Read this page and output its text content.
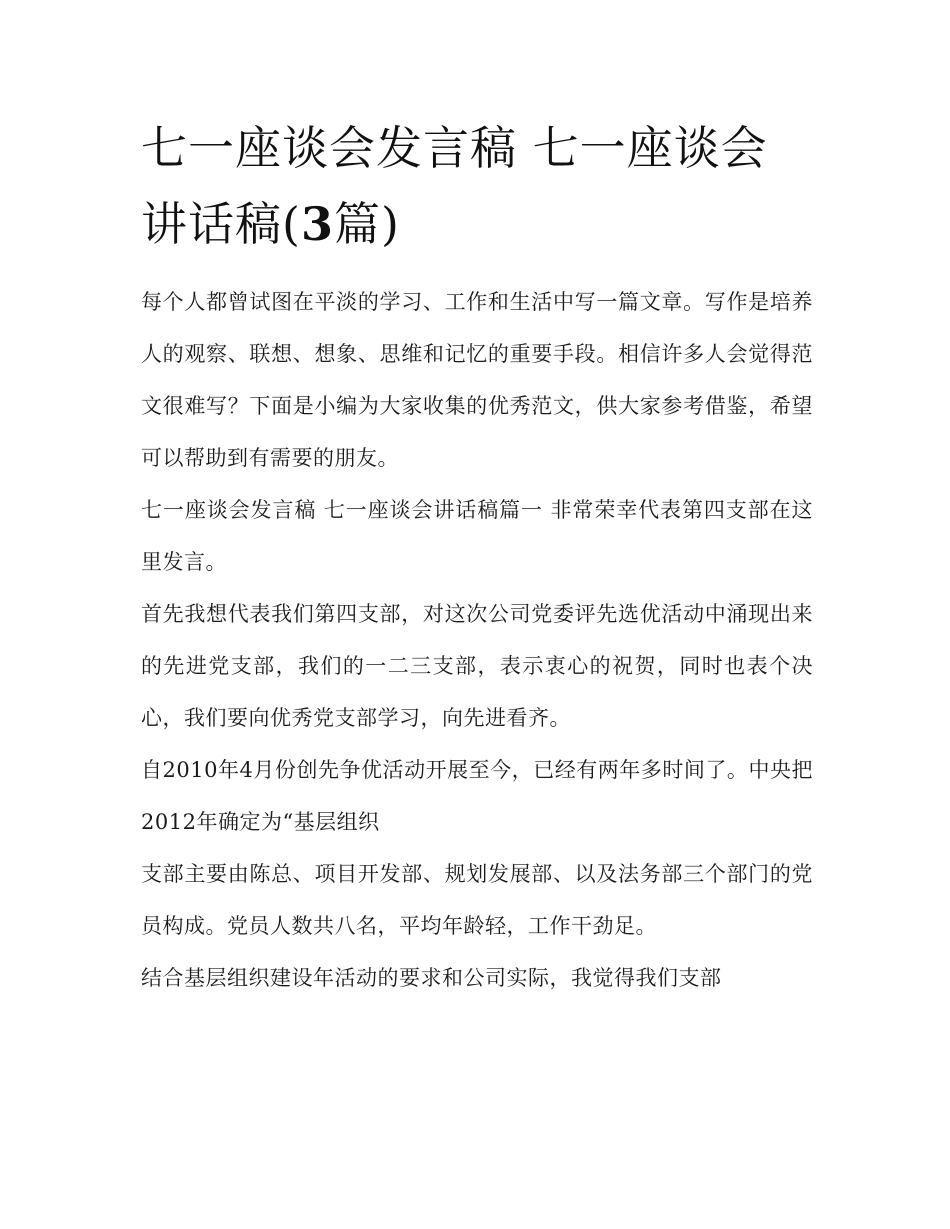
七一座谈会发言稿 七一座谈会讲话稿(3篇)

每个人都曾试图在平淡的学习、工作和生活中写一篇文章。写作是培养人的观察、联想、想象、思维和记忆的重要手段。相信许多人会觉得范文很难写？下面是小编为大家收集的优秀范文，供大家参考借鉴，希望可以帮助到有需要的朋友。

七一座谈会发言稿 七一座谈会讲话稿篇一 非常荣幸代表第四支部在这里发言。

首先我想代表我们第四支部，对这次公司党委评先选优活动中涌现出来的先进党支部，我们的一二三支部，表示衷心的祝贺，同时也表个决心，我们要向优秀党支部学习，向先进看齐。

自2010年4月份创先争优活动开展至今，已经有两年多时间了。中央把2012年确定为“基层组织

支部主要由陈总、项目开发部、规划发展部、以及法务部三个部门的党员构成。党员人数共八名，平均年龄轻，工作干劲足。

结合基层组织建设年活动的要求和公司实际，我觉得我们支部
